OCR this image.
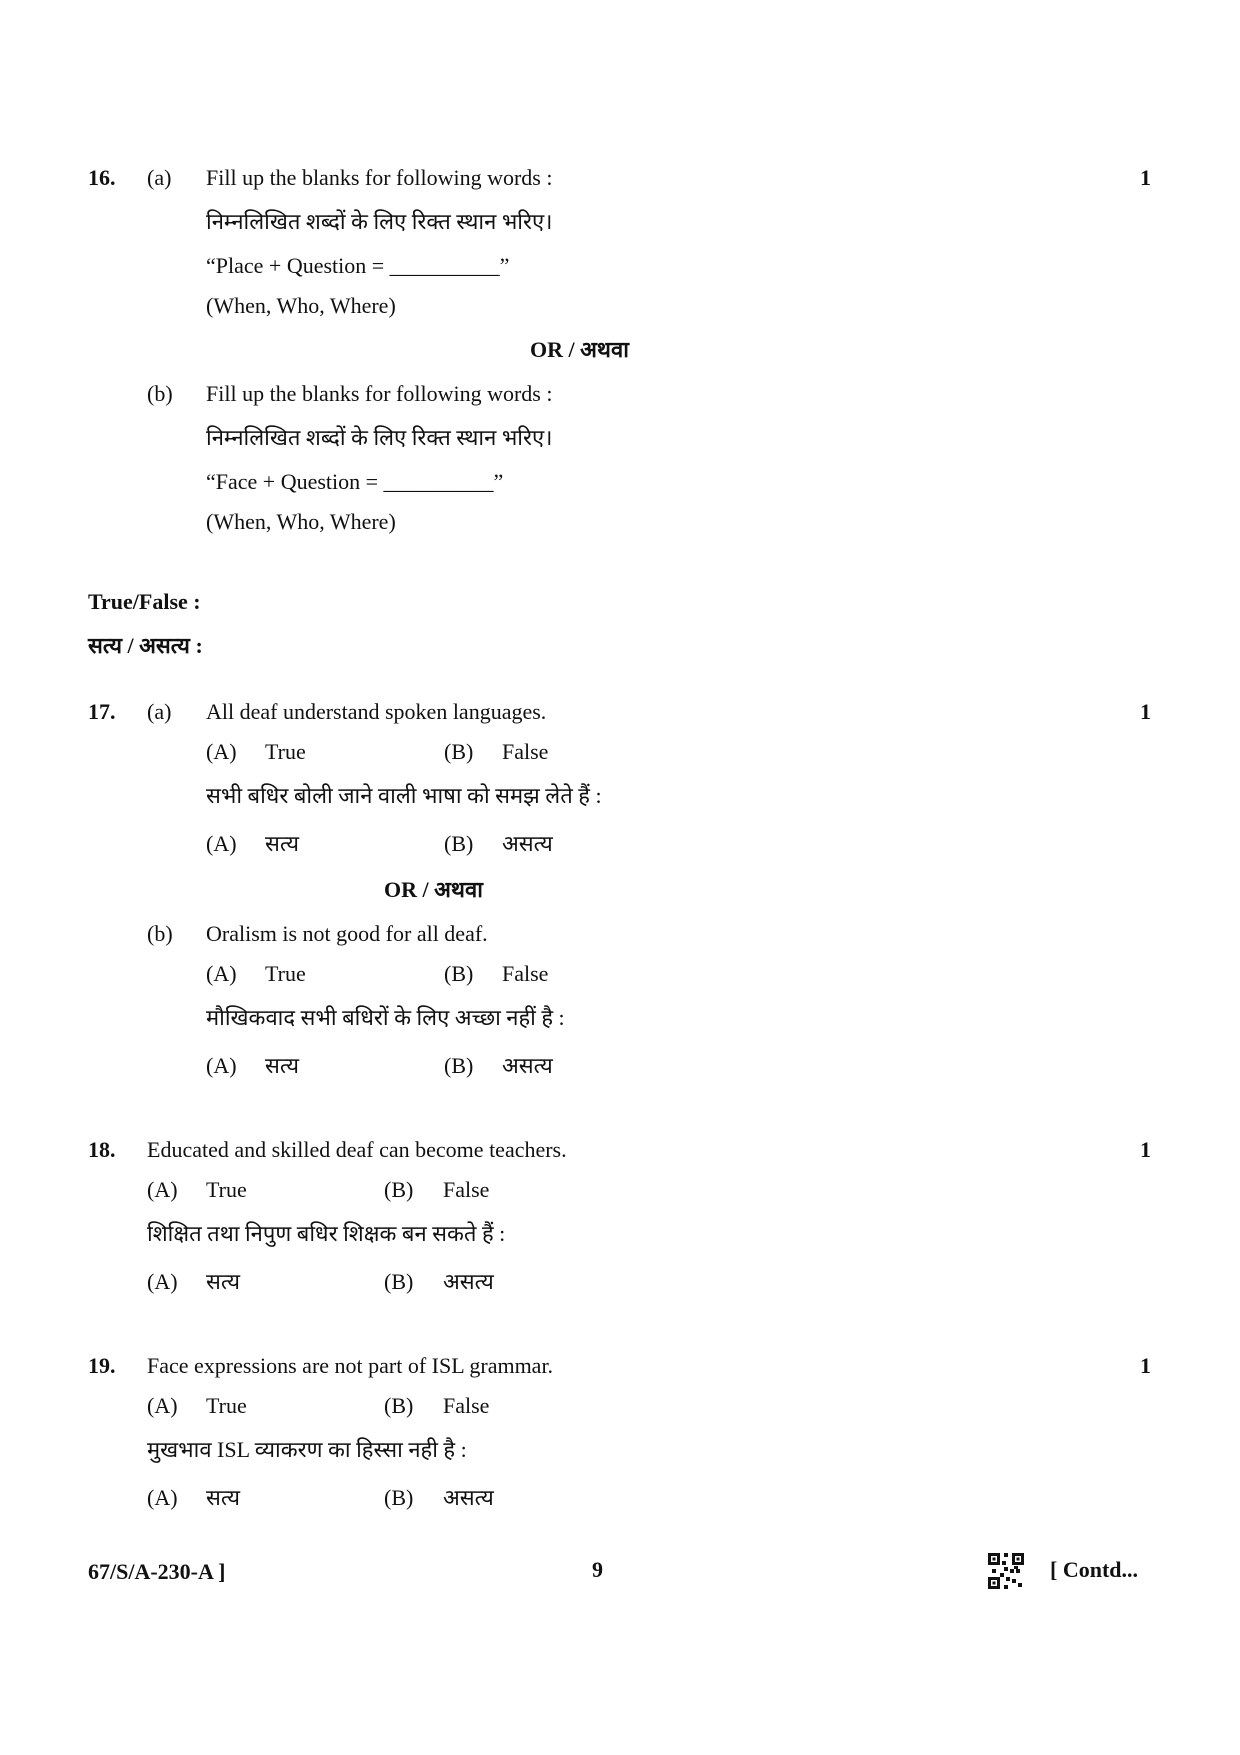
16. (a) Fill up the blanks for following words :	1
निम्नलिखित शब्दों के लिए रिक्त स्थान भरिए।
“Place + Question = __________”
(When, Who, Where)
OR / अथवा
(b) Fill up the blanks for following words :
निम्नलिखित शब्दों के लिए रिक्त स्थान भरिए।
“Face + Question = __________”
(When, Who, Where)
True/False :
सत्य / असत्य :
17. (a) All deaf understand spoken languages.	1
(A) True	(B) False
सभी बधिर बोली जाने वाली भाषा को समझ लेते हैं :
(A) सत्य	(B) असत्य
OR / अथवा
(b) Oralism is not good for all deaf.
(A) True	(B) False
मौखिकवाद सभी बधिरों के लिए अच्छा नहीं है :
(A) सत्य	(B) असत्य
18. Educated and skilled deaf can become teachers.	1
(A) True	(B) False
शिक्षित तथा निपुण बधिर शिक्षक बन सकते हैं :
(A) सत्य	(B) असत्य
19. Face expressions are not part of ISL grammar.	1
(A) True	(B) False
मुखभाव ISL व्याकरण का हिस्सा नही है :
(A) सत्य	(B) असत्य
67/S/A-230-A ]	9	[ Contd...
